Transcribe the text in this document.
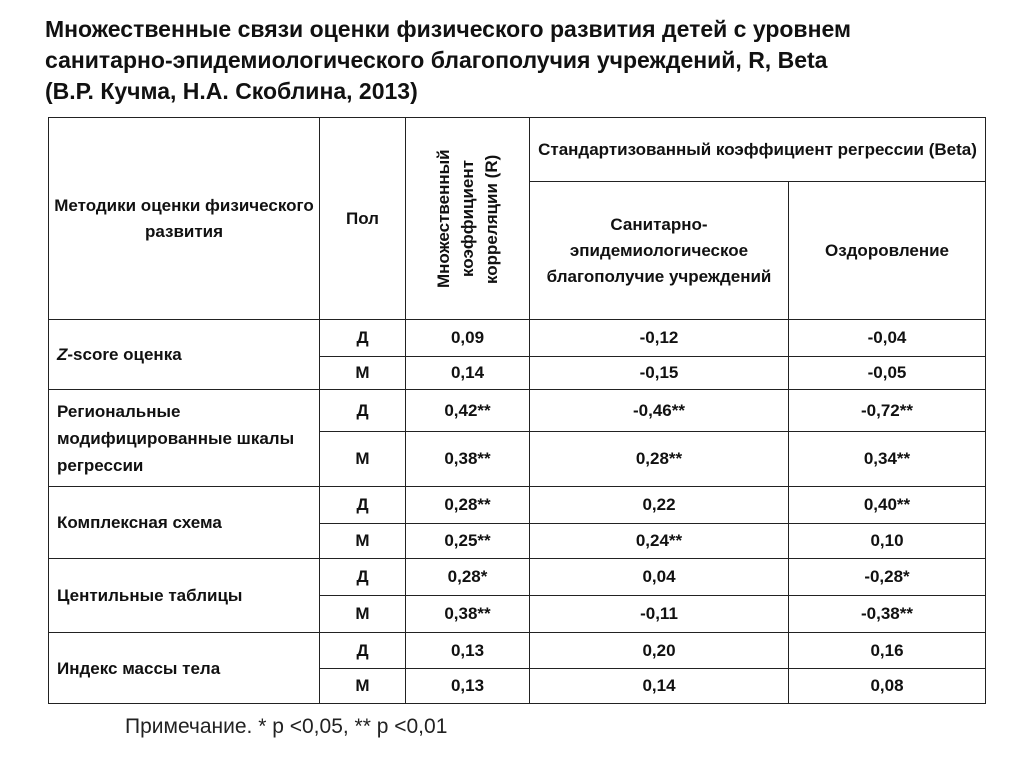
Множественные связи оценки физического развития детей с уровнем
санитарно-эпидемиологического благополучия учреждений, R, Beta
(В.Р. Кучма, Н.А. Скоблина, 2013)
Методики оценки физического развития	Пол	Множественный коэффициент корреляции (R)	Стандартизованный коэффициент регрессии (Beta)	
			Санитарно-эпидемиологическое благополучие учреждений	Оздоровление
Z-score оценка	Д	0,09	-0,12	-0,04
	М	0,14	-0,15	-0,05
Региональные модифицированные шкалы регрессии	Д	0,42**	-0,46**	-0,72**
	М	0,38**	0,28**	0,34**
Комплексная схема	Д	0,28**	0,22	0,40**
	М	0,25**	0,24**	0,10
Центильные таблицы	Д	0,28*	0,04	-0,28*
	М	0,38**	-0,11	-0,38**
Индекс массы тела	Д	0,13	0,20	0,16
	М	0,13	0,14	0,08
Примечание. * p <0,05, ** p <0,01
